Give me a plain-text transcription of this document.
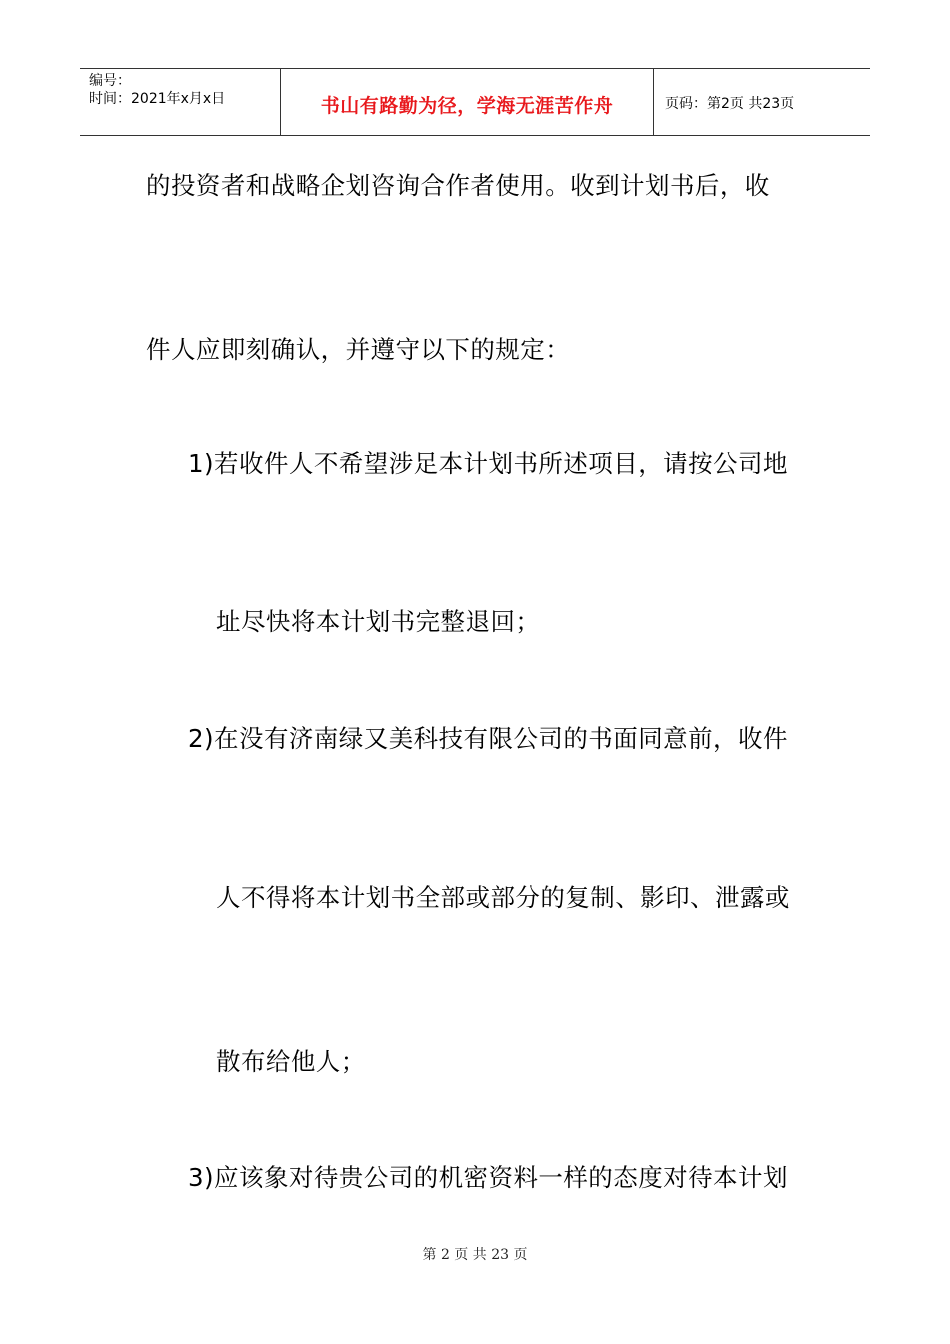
编号：
时间：2021年x月x日	书山有路勤为径，学海无涯苦作舟	页码：第2页 共23页
的投资者和战略企划咨询合作者使用。收到计划书后，收
件人应即刻确认，并遵守以下的规定：
1)若收件人不希望涉足本计划书所述项目，请按公司地
址尽快将本计划书完整退回；
2)在没有济南绿又美科技有限公司的书面同意前，收件
人不得将本计划书全部或部分的复制、影印、泄露或
散布给他人；
3)应该象对待贵公司的机密资料一样的态度对待本计划
第 2 页 共 23 页
